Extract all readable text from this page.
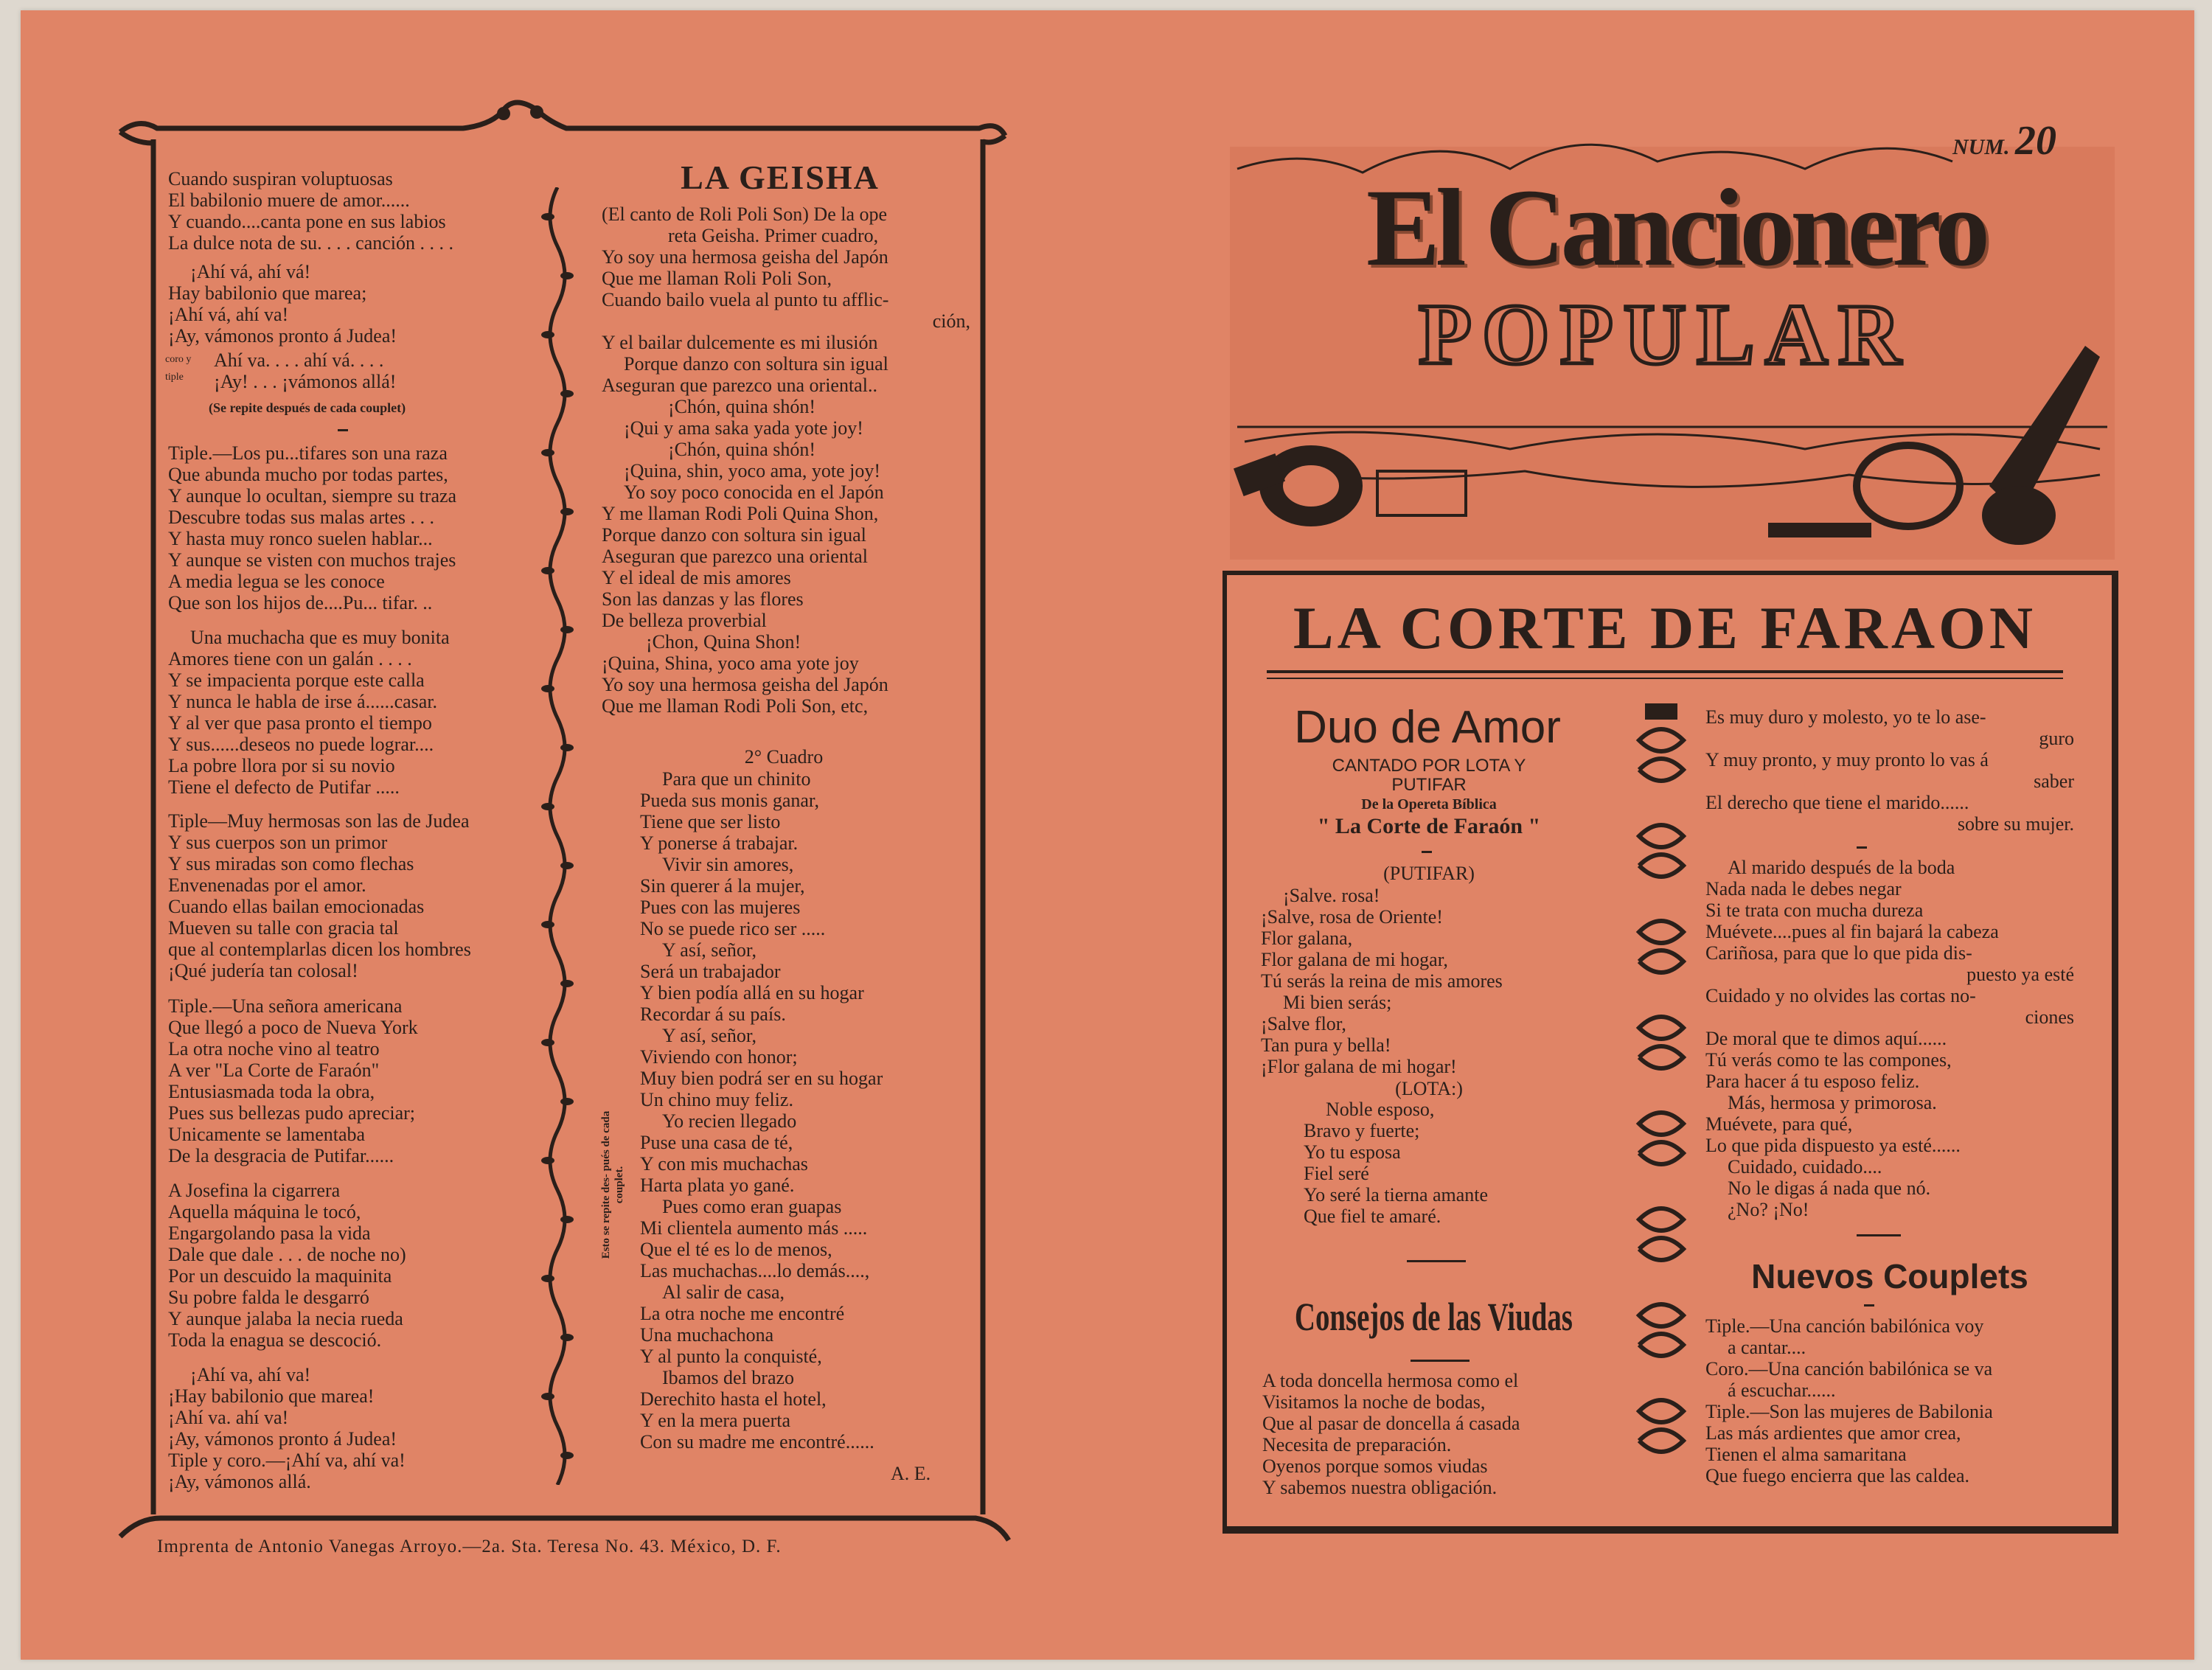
Cuando suspiran voluptuosas
El babilonio muere de amor......
Y cuando....canta pone en sus labios
La dulce nota de su. . . . canción . . . .
¡Ahí vá, ahí vá!
Hay babilonio que marea;
¡Ahí vá, ahí va!
¡Ay, vámonos pronto á Judea!
coro y
tiple
Ahí va. . . . ahí vá. . . .
¡Ay! . . . ¡vámonos allá!
(Se repite después de cada couplet)
Tiple.—Los pu...tifares son una raza
Que abunda mucho por todas partes,
Y aunque lo ocultan, siempre su traza
Descubre todas sus malas artes . . .
Y hasta muy ronco suelen hablar...
Y aunque se visten con muchos trajes
A media legua se les conoce
Que son los hijos de....Pu... tifar. ..
Una muchacha que es muy bonita
Amores tiene con un galán . . . .
Y se impacienta porque este calla
Y nunca le habla de irse á......casar.
Y al ver que pasa pronto el tiempo
Y sus......deseos no puede lograr....
La pobre llora por si su novio
Tiene el defecto de Putifar .....
Tiple—Muy hermosas son las de Judea
Y sus cuerpos son un primor
Y sus miradas son como flechas
Envenenadas por el amor.
Cuando ellas bailan emocionadas
Mueven su talle con gracia tal
que al contemplarlas dicen los hombres
¡Qué judería tan colosal!
Tiple.—Una señora americana
Que llegó a poco de Nueva York
La otra noche vino al teatro
A ver "La Corte de Faraón"
Entusiasmada toda la obra,
Pues sus bellezas pudo apreciar;
Unicamente se lamentaba
De la desgracia de Putifar......
A Josefina la cigarrera
Aquella máquina le tocó,
Engargolando pasa la vida
Dale que dale . . . de noche no)
Por un descuido la maquinita
Su pobre falda le desgarró
Y aunque jalaba la necia rueda
Toda la enagua se descoció.
¡Ahí va, ahí va!
¡Hay babilonio que marea!
¡Ahí va. ahí va!
¡Ay, vámonos pronto á Judea!
Tiple y coro.—¡Ahí va, ahí va!
¡Ay, vámonos allá.
Esto se repite des- pués de cada couplet.
LA GEISHA
(El canto de Roli Poli Son) De la ope
reta Geisha. Primer cuadro,
Yo soy una hermosa geisha del Japón
Que me llaman Roli Poli Son,
Cuando bailo vuela al punto tu afflic-
ción,
Y el bailar dulcemente es mi ilusión
Porque danzo con soltura sin igual
Aseguran que parezco una oriental..
¡Chón, quina shón!
¡Qui y ama saka yada yote joy!
¡Chón, quina shón!
¡Quina, shin, yoco ama, yote joy!
Yo soy poco conocida en el Japón
Y me llaman Rodi Poli Quina Shon,
Porque danzo con soltura sin igual
Aseguran que parezco una oriental
Y el ideal de mis amores
Son las danzas y las flores
De belleza proverbial
¡Chon, Quina Shon!
¡Quina, Shina, yoco ama yote joy
Yo soy una hermosa geisha del Japón
Que me llaman Rodi Poli Son, etc,
2° Cuadro
Para que un chinito
Pueda sus monis ganar,
Tiene que ser listo
Y ponerse á trabajar.
Vivir sin amores,
Sin querer á la mujer,
Pues con las mujeres
No se puede rico ser .....
Y así, señor,
Será un trabajador
Y bien podía allá en su hogar
Recordar á su país.
Y así, señor,
Viviendo con honor;
Muy bien podrá ser en su hogar
Un chino muy feliz.
Yo recien llegado
Puse una casa de té,
Y con mis muchachas
Harta plata yo gané.
Pues como eran guapas
Mi clientela aumento más .....
Que el té es lo de menos,
Las muchachas....lo demás....,
Al salir de casa,
La otra noche me encontré
Una muchachona
Y al punto la conquisté,
Ibamos del brazo
Derechito hasta el hotel,
Y en la mera puerta
Con su madre me encontré......
A. E.
Imprenta de Antonio Vanegas Arroyo.—2a. Sta. Teresa No. 43. México, D. F.
NUM. 20
El Cancionero
POPULAR
LA CORTE DE FARAON
Duo de Amor
CANTADO POR LOTA Y
PUTIFAR
De la Opereta Bíblica
" La Corte de Faraón "
(PUTIFAR)
¡Salve. rosa!
¡Salve, rosa de Oriente!
Flor galana,
Flor galana de mi hogar,
Tú serás la reina de mis amores
Mi bien serás;
¡Salve flor,
Tan pura y bella!
¡Flor galana de mi hogar!
(LOTA:)
Noble esposo,
Bravo y fuerte;
Yo tu esposa
Fiel seré
Yo seré la tierna amante
Que fiel te amaré.
Consejos de las Viudas
A toda doncella hermosa como el
Visitamos la noche de bodas,
Que al pasar de doncella á casada
Necesita de preparación.
Oyenos porque somos viudas
Y sabemos nuestra obligación.
Es muy duro y molesto, yo te lo ase-
guro
Y muy pronto, y muy pronto lo vas á
saber
El derecho que tiene el marido......
sobre su mujer.
Al marido después de la boda
Nada nada le debes negar
Si te trata con mucha dureza
Muévete....pues al fin bajará la cabeza
Cariñosa, para que lo que pida dis-
puesto ya esté
Cuidado y no olvides las cortas no-
ciones
De moral que te dimos aquí......
Tú verás como te las compones,
Para hacer á tu esposo feliz.
Más, hermosa y primorosa.
Muévete, para qué,
Lo que pida dispuesto ya esté......
Cuidado, cuidado....
No le digas á nada que nó.
¿No? ¡No!
Nuevos Couplets
Tiple.—Una canción babilónica voy
a cantar....
Coro.—Una canción babilónica se va
á escuchar......
Tiple.—Son las mujeres de Babilonia
Las más ardientes que amor crea,
Tienen el alma samaritana
Que fuego encierra que las caldea.
